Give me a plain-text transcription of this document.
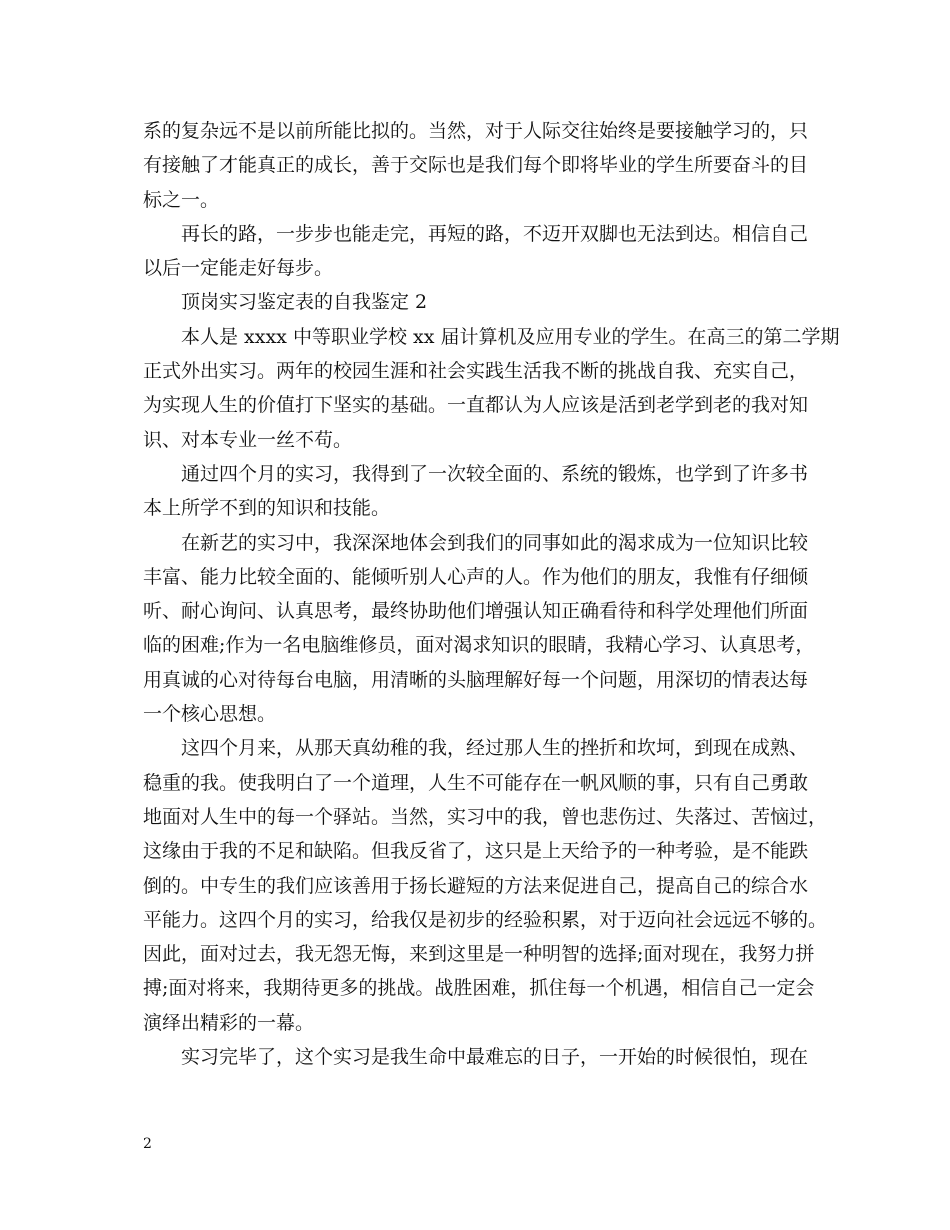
系的复杂远不是以前所能比拟的。当然，对于人际交往始终是要接触学习的，只
有接触了才能真正的成长，善于交际也是我们每个即将毕业的学生所要奋斗的目
标之一。
再长的路，一步步也能走完，再短的路，不迈开双脚也无法到达。相信自己
以后一定能走好每步。
顶岗实习鉴定表的自我鉴定 2
本人是 xxxx 中等职业学校 xx 届计算机及应用专业的学生。在高三的第二学期
正式外出实习。两年的校园生涯和社会实践生活我不断的挑战自我、充实自己，
为实现人生的价值打下坚实的基础。一直都认为人应该是活到老学到老的我对知
识、对本专业一丝不苟。
通过四个月的实习，我得到了一次较全面的、系统的锻炼，也学到了许多书
本上所学不到的知识和技能。
在新艺的实习中，我深深地体会到我们的同事如此的渴求成为一位知识比较
丰富、能力比较全面的、能倾听别人心声的人。作为他们的朋友，我惟有仔细倾
听、耐心询问、认真思考，最终协助他们增强认知正确看待和科学处理他们所面
临的困难;作为一名电脑维修员，面对渴求知识的眼睛，我精心学习、认真思考，
用真诚的心对待每台电脑，用清晰的头脑理解好每一个问题，用深切的情表达每
一个核心思想。
这四个月来，从那天真幼稚的我，经过那人生的挫折和坎坷，到现在成熟、
稳重的我。使我明白了一个道理，人生不可能存在一帆风顺的事，只有自己勇敢
地面对人生中的每一个驿站。当然，实习中的我，曾也悲伤过、失落过、苦恼过，
这缘由于我的不足和缺陷。但我反省了，这只是上天给予的一种考验，是不能跌
倒的。中专生的我们应该善用于扬长避短的方法来促进自己，提高自己的综合水
平能力。这四个月的实习，给我仅是初步的经验积累，对于迈向社会远远不够的。
因此，面对过去，我无怨无悔，来到这里是一种明智的选择;面对现在，我努力拼
搏;面对将来，我期待更多的挑战。战胜困难，抓住每一个机遇，相信自己一定会
演绎出精彩的一幕。
实习完毕了，这个实习是我生命中最难忘的日子，一开始的时候很怕，现在
2
